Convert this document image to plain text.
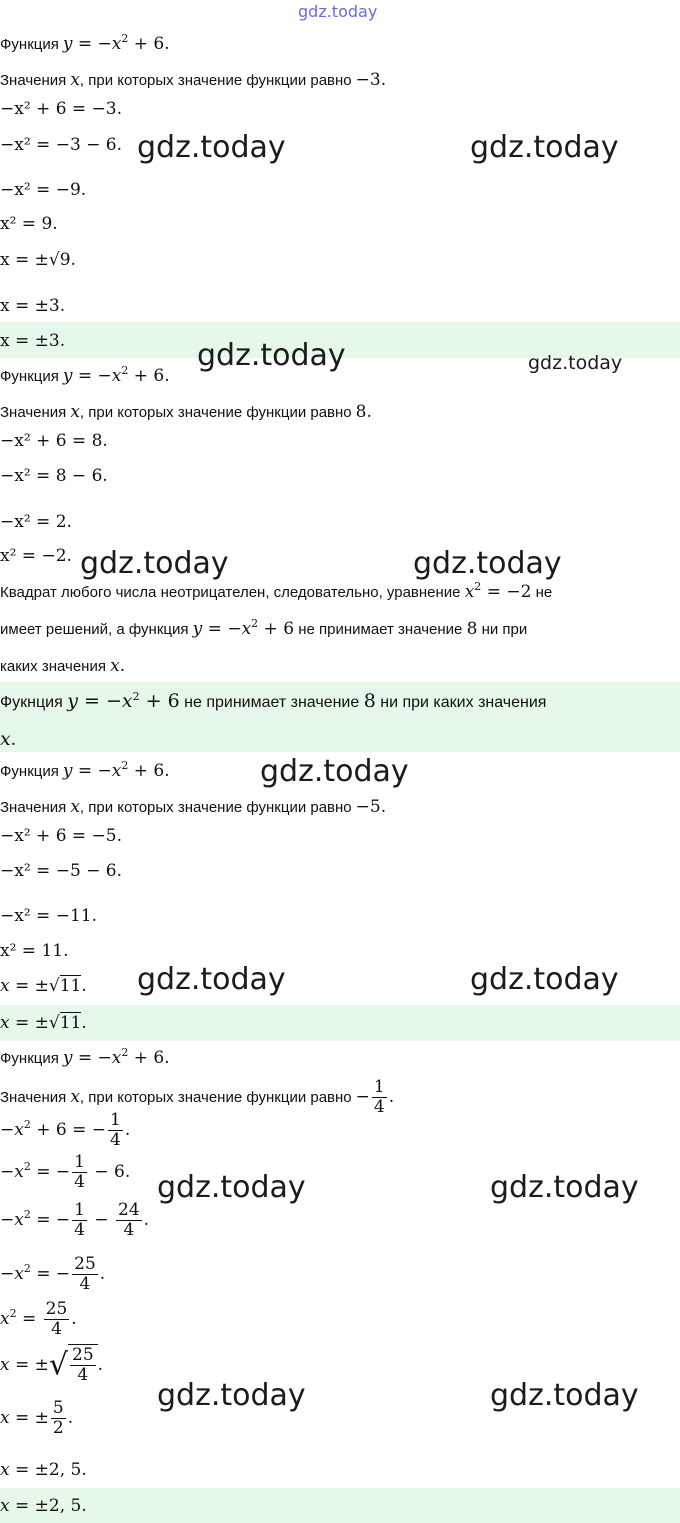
gdz.today
Функция $y = -x^2 + 6$.
Значения x, при которых значение функции равно −3.
−x² + 6 = −3.
−x² = −3 − 6.
−x² = −9.
x² = 9.
x = ±√9.
x = ±3.
x = ±3.
gdz.today	gdz.today
gdz.today	gdz.today
Функция $y = -x^2 + 6$.
Значения x, при которых значение функции равно 8.
−x² + 6 = 8.
−x² = 8 − 6.
−x² = 2.
x² = −2.
Квадрат любого числа неотрицателен, следовательно, уравнение $x^2 = -2$ не
имеет решений, а функция $y = -x^2 + 6$ не принимает значение 8 ни при
каких значения x.
Фукнция $y = -x^2 + 6$ не принимает значение 8 ни при каких значения
x.
gdz.today	gdz.today
Функция $y = -x^2 + 6$.
Значения x, при которых значение функции равно −5.
−x² + 6 = −5.
−x² = −5 − 6.
−x² = −11.
x² = 11.
x = ±√11.
x = ±√11.
gdz.today
gdz.today	gdz.today
Функция $y = -x^2 + 6$.
Значения x, при которых значение функции равно − $\frac{1}{4}$ .
$-x^2 + 6$ = − $\frac{1}{4}$ .
$-x^2$ = − $\frac{1}{4} - 6$.
$-x^2$ = − $\frac{1}{4} - \frac{24}{4}$ .
$-x^2$ = − $\frac{25}{4}$ .
$x^2 = \frac{25}{4}$ .
x = ±√ $\frac{25}{4}$ .
x = ± $\frac{5}{2}$ .
x = ±2, 5.
x = ±2, 5.
gdz.today	gdz.today
gdz.today	gdz.today
